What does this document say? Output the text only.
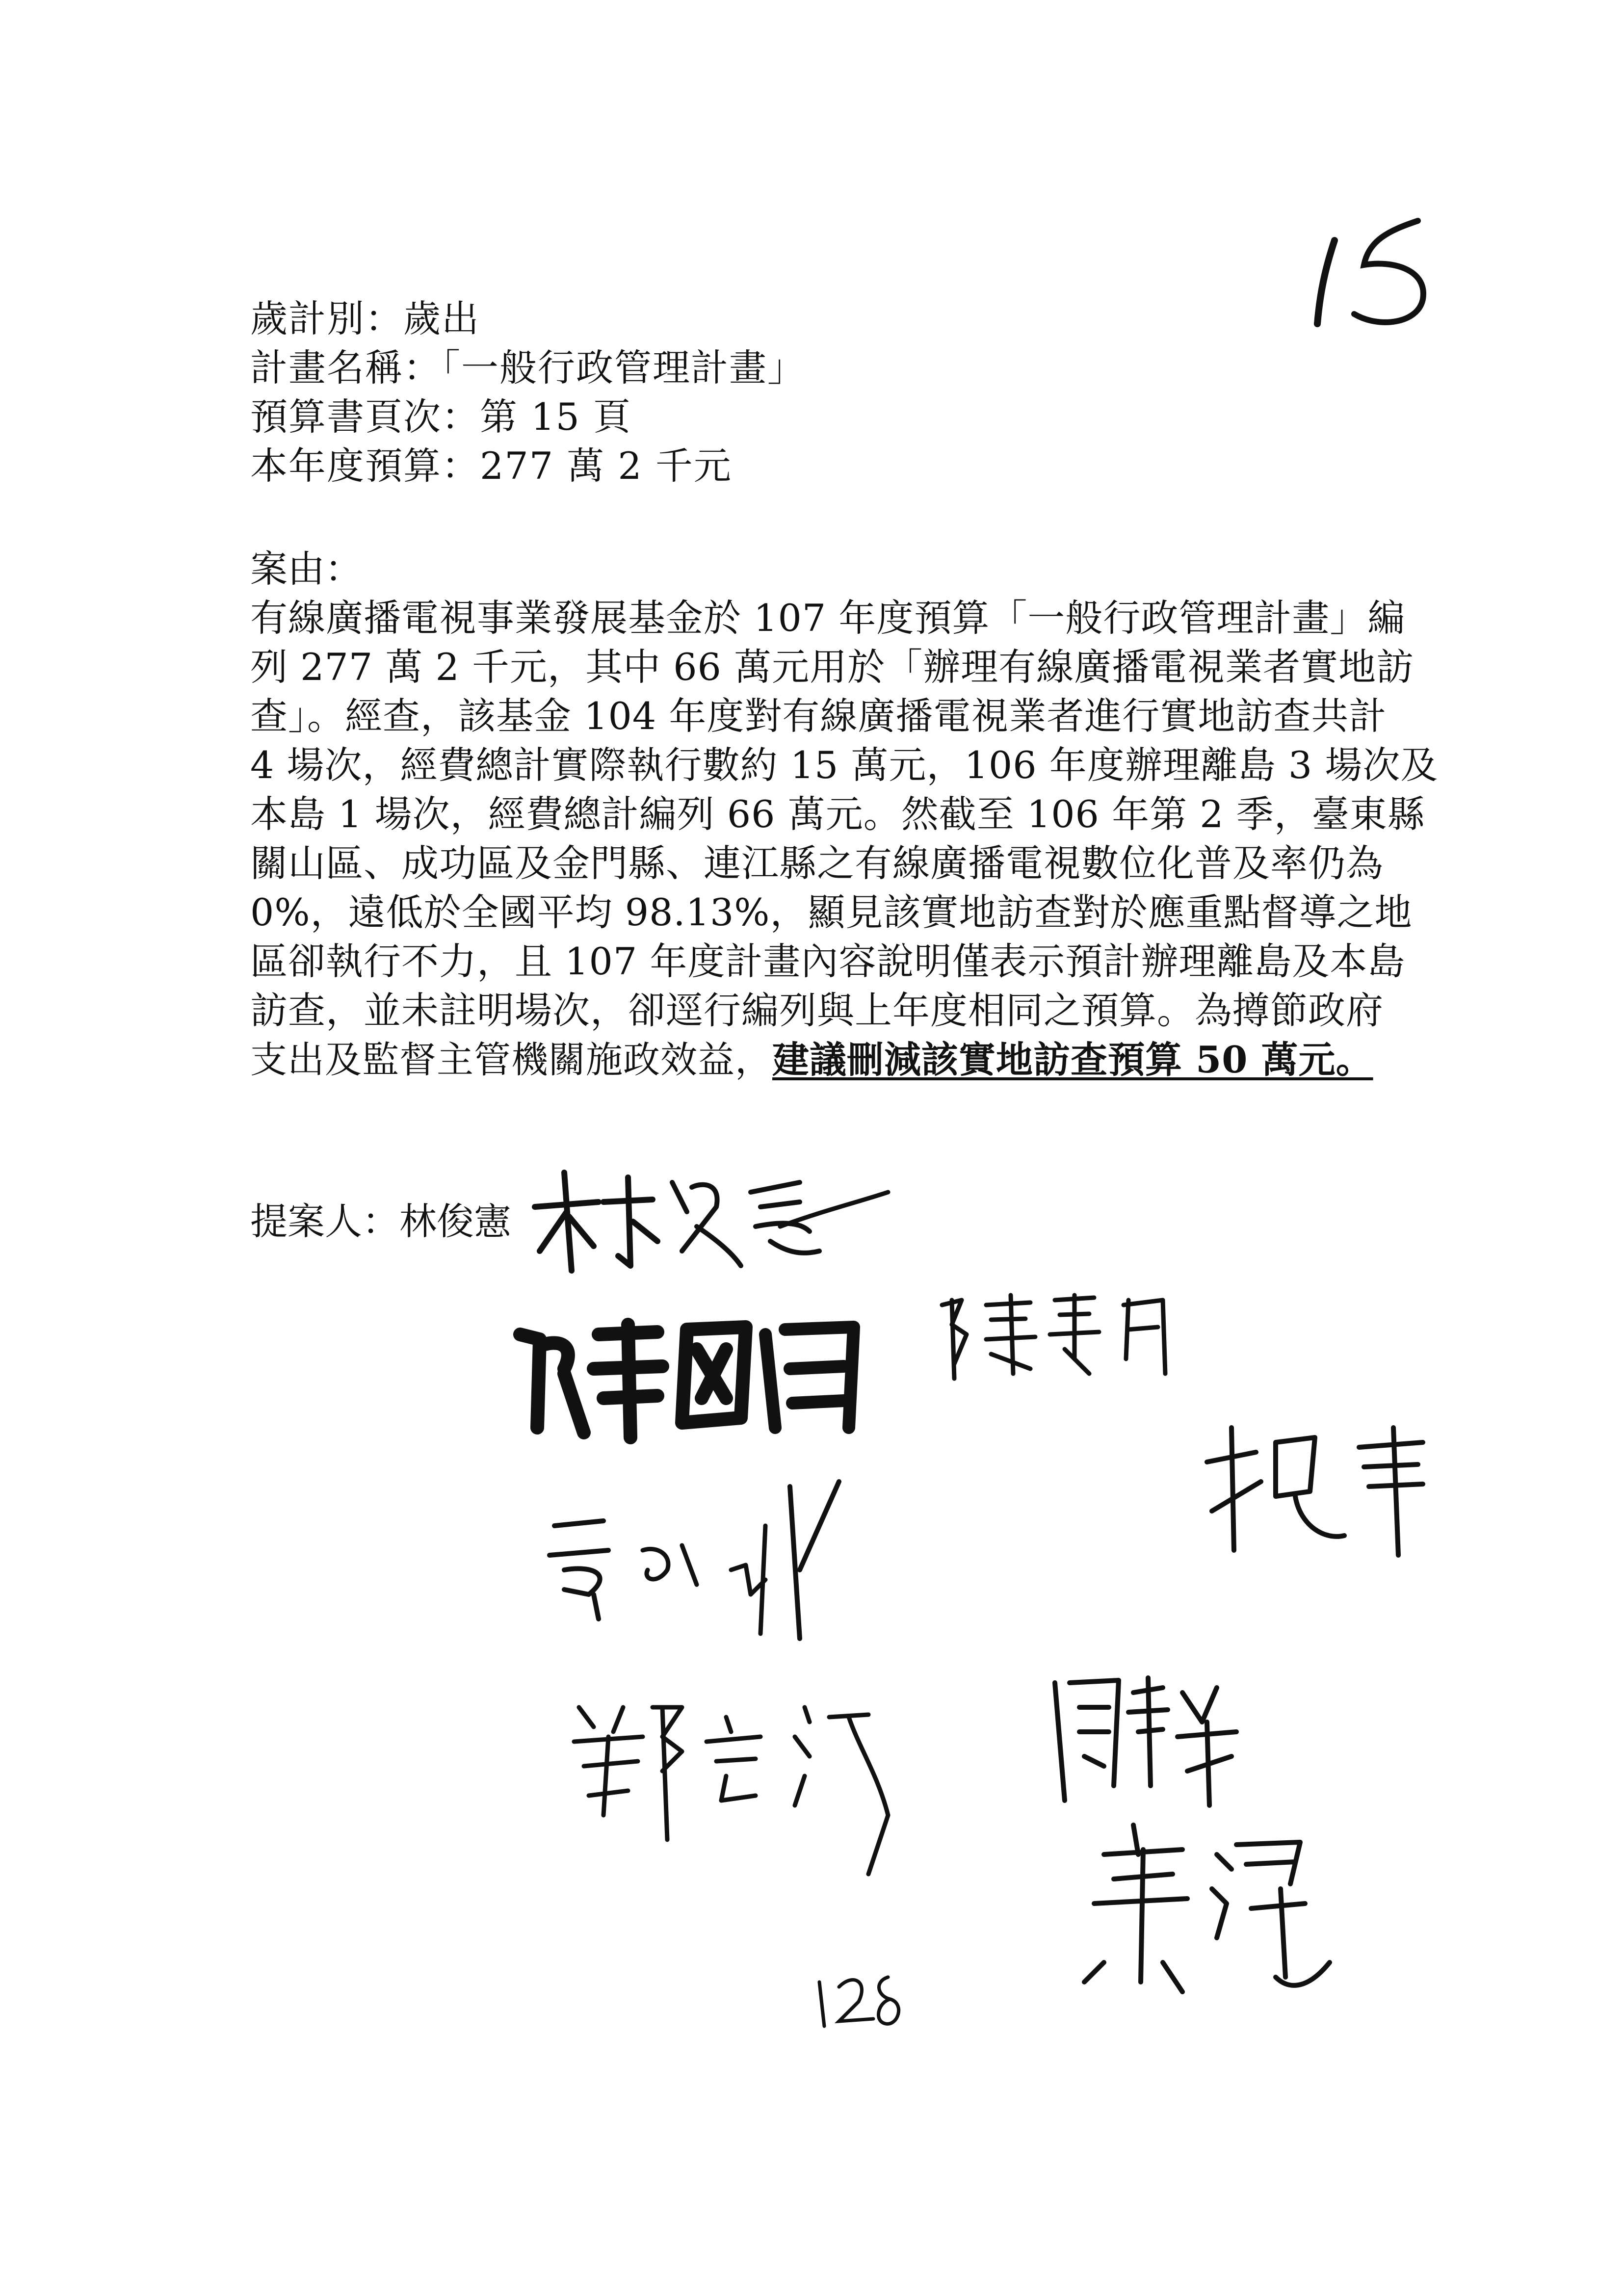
15
歲計別：歲出
計畫名稱：「一般行政管理計畫」
預算書頁次：第 15 頁
本年度預算：277 萬 2 千元
案由：
有線廣播電視事業發展基金於 107 年度預算「一般行政管理計畫」編
列 277 萬 2 千元，其中 66 萬元用於「辦理有線廣播電視業者實地訪
查」。經查，該基金 104 年度對有線廣播電視業者進行實地訪查共計
4 場次，經費總計實際執行數約 15 萬元，106 年度辦理離島 3 場次及
本島 1 場次，經費總計編列 66 萬元。然截至 106 年第 2 季，臺東縣
關山區、成功區及金門縣、連江縣之有線廣播電視數位化普及率仍為
0%，遠低於全國平均 98.13%，顯見該實地訪查對於應重點督導之地
區卻執行不力，且 107 年度計畫內容說明僅表示預計辦理離島及本島
訪查，並未註明場次，卻逕行編列與上年度相同之預算。為撙節政府
支出及監督主管機關施政效益，建議刪減該實地訪查預算 50 萬元。
提案人：林俊憲
